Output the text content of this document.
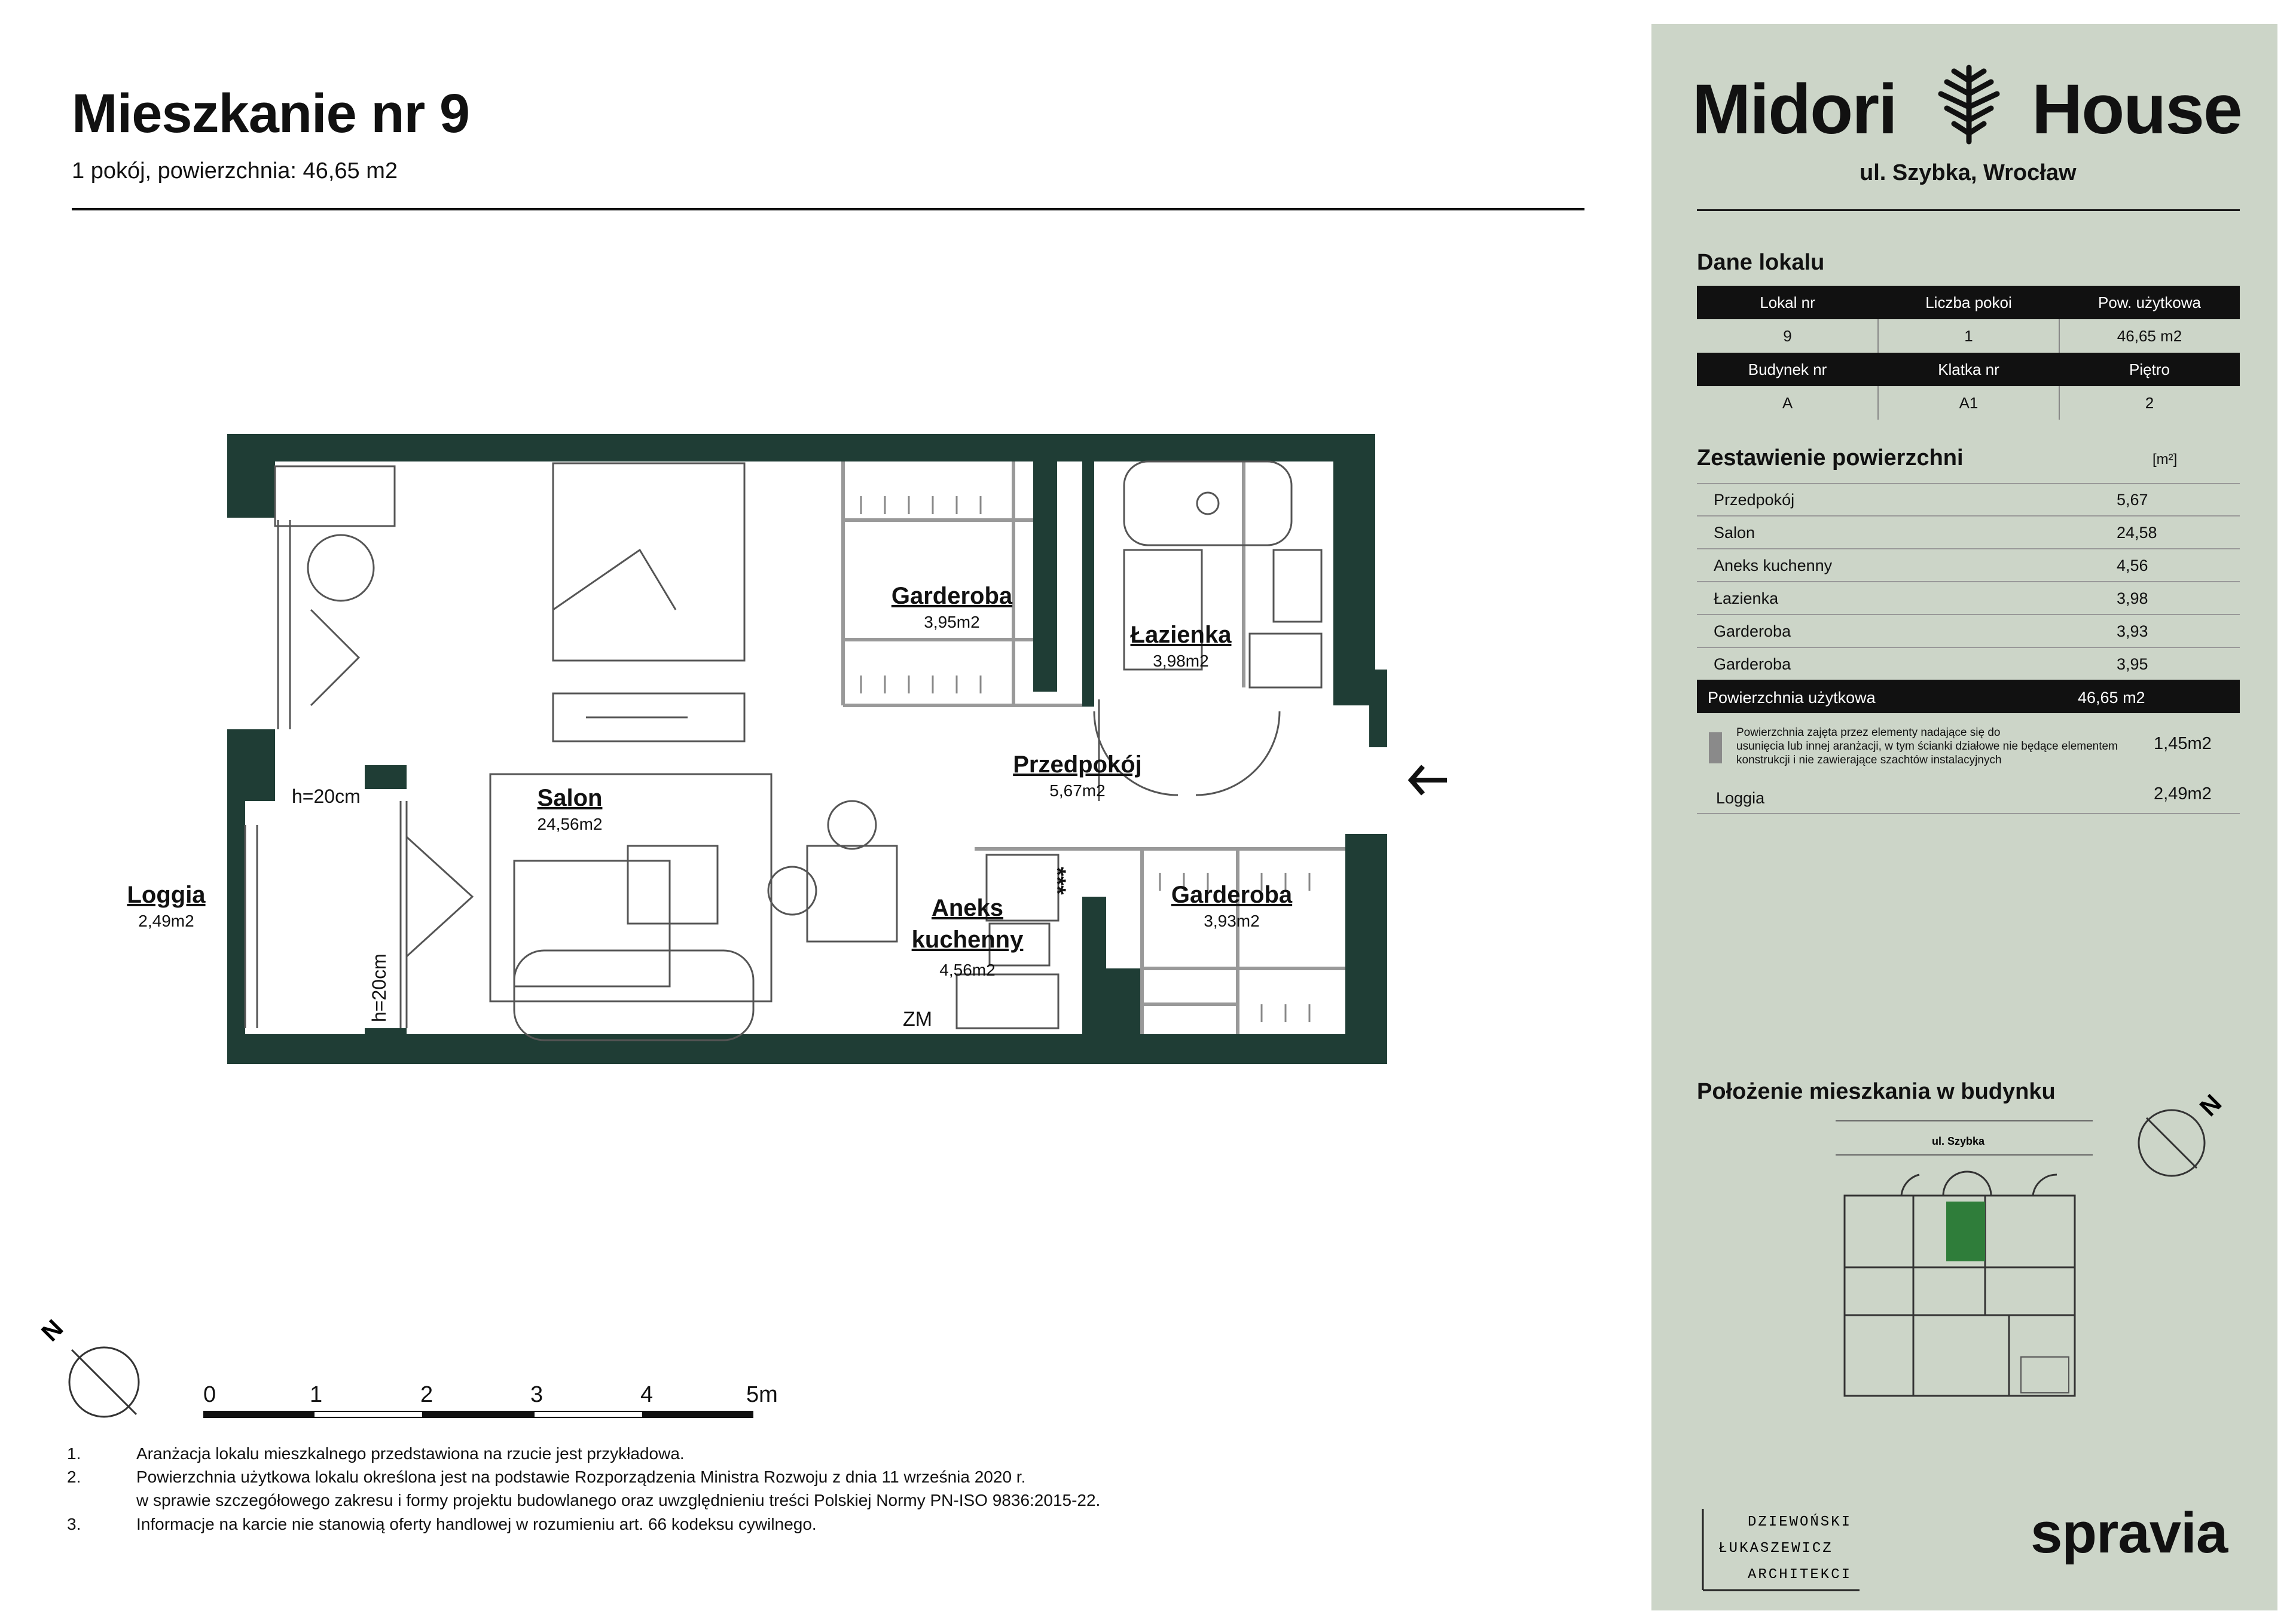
Mieszkanie nr 9
1 pokój, powierzchnia: 46,65 m2
Garderoba
3,95m2	Łazienka
3,98m2
Przedpokój
5,67m2
Salon
24,56m2
Loggia
2,49m2	Aneks
kuchenny
4,56m2
Garderoba
3,93m2
h=20cm
h=20cm	ZM
***
N
0	1	2	3	4	5m
1.	Aranżacja lokalu mieszkalnego przedstawiona na rzucie jest przykładowa.
2.	Powierzchnia użytkowa lokalu określona jest na podstawie Rozporządzenia Ministra Rozwoju z dnia 11 września 2020 r.
w sprawie szczegółowego zakresu i formy projektu budowlanego oraz uwzględnieniu treści Polskiej Normy PN-ISO 9836:2015-22.
3.	Informacje na karcie nie stanowią oferty handlowej w rozumieniu art. 66 kodeksu cywilnego.
Midori House
ul. Szybka, Wrocław
Dane lokalu
Lokal nr	Liczba pokoi	Pow. użytkowa
9	1	46,65 m2
Budynek nr	Klatka nr	Piętro
A	A1	2
Zestawienie powierzchni	[m²]
Przedpokój	5,67
Salon	24,58
Aneks kuchenny	4,56
Łazienka	3,98
Garderoba	3,93
Garderoba	3,95
Powierzchnia użytkowa	46,65 m2
Powierzchnia zajęta przez elementy nadające się do
usunięcia lub innej aranżacji, w tym ścianki działowe nie będące elementem
konstrukcji i nie zawierające szachtów instalacyjnych
1,45m2
Loggia	2,49m2
Położenie mieszkania w budynku	N
ul. Szybka
DZIEWOŃSKI
ŁUKASZEWICZ
ARCHITEKCI
spravia
